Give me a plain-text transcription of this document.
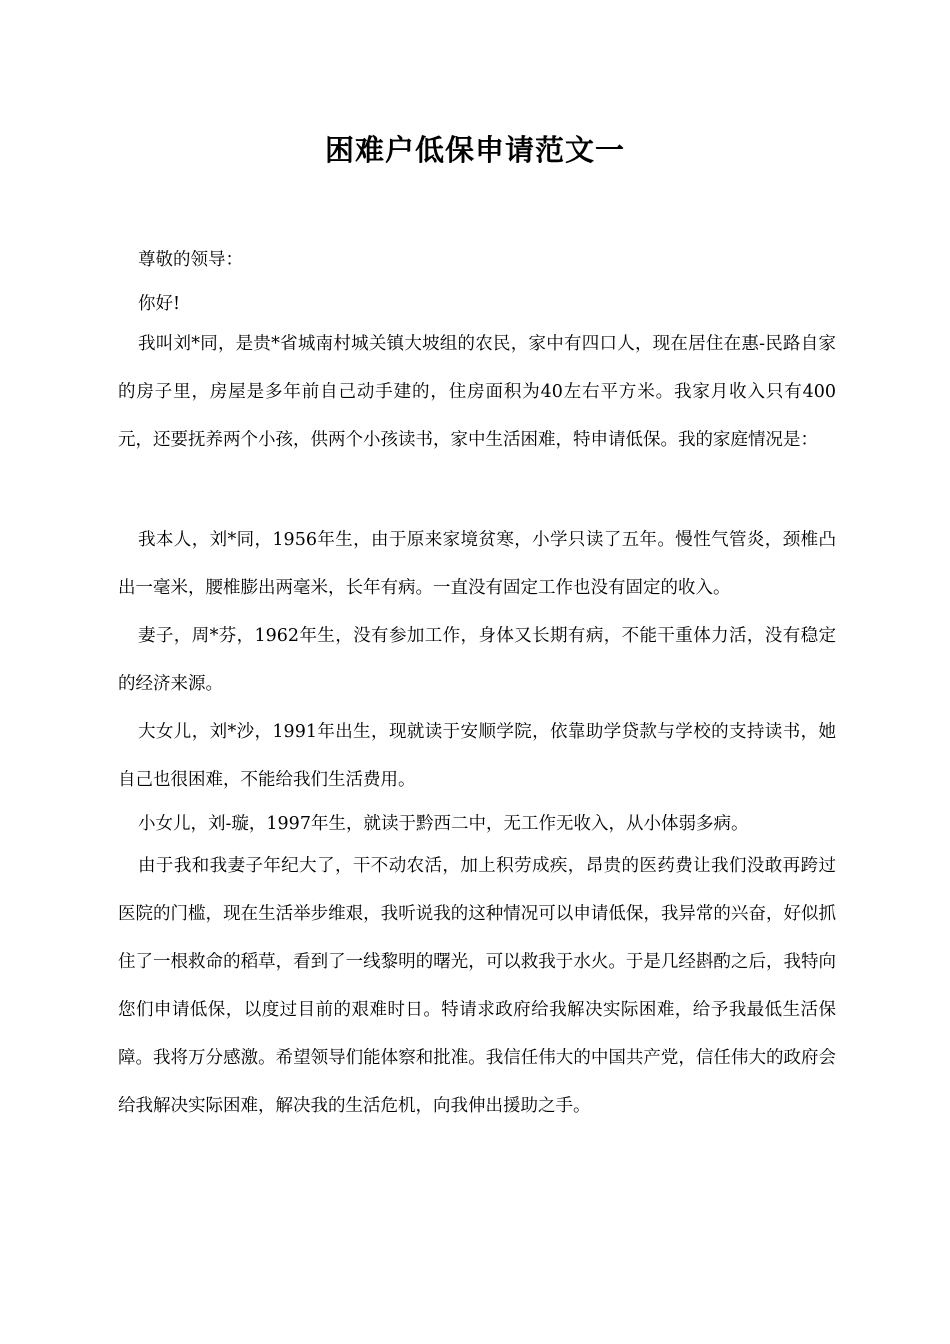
困难户低保申请范文一
尊敬的领导：
你好!

我叫刘*同，是贵*省城南村城关镇大坡组的农民，家中有四口人，现在居住在惠-民路自家的房子里，房屋是多年前自己动手建的，住房面积为40左右平方米。我家月收入只有400元，还要抚养两个小孩，供两个小孩读书，家中生活困难，特申请低保。我的家庭情况是：

我本人，刘*同，1956年生，由于原来家境贫寒，小学只读了五年。慢性气管炎，颈椎凸出一毫米，腰椎膨出两毫米，长年有病。一直没有固定工作也没有固定的收入。

妻子，周*芬，1962年生，没有参加工作，身体又长期有病，不能干重体力活，没有稳定的经济来源。

大女儿，刘*沙，1991年出生，现就读于安顺学院，依靠助学贷款与学校的支持读书，她自己也很困难，不能给我们生活费用。

小女儿，刘-璇，1997年生，就读于黔西二中，无工作无收入，从小体弱多病。

由于我和我妻子年纪大了，干不动农活，加上积劳成疾，昂贵的医药费让我们没敢再跨过医院的门槛，现在生活举步维艰，我听说我的这种情况可以申请低保，我异常的兴奋，好似抓住了一根救命的稻草，看到了一线黎明的曙光，可以救我于水火。于是几经斟酌之后，我特向您们申请低保，以度过目前的艰难时日。特请求政府给我解决实际困难，给予我最低生活保障。我将万分感激。希望领导们能体察和批准。我信任伟大的中国共产党，信任伟大的政府会给我解决实际困难，解决我的生活危机，向我伸出援助之手。
